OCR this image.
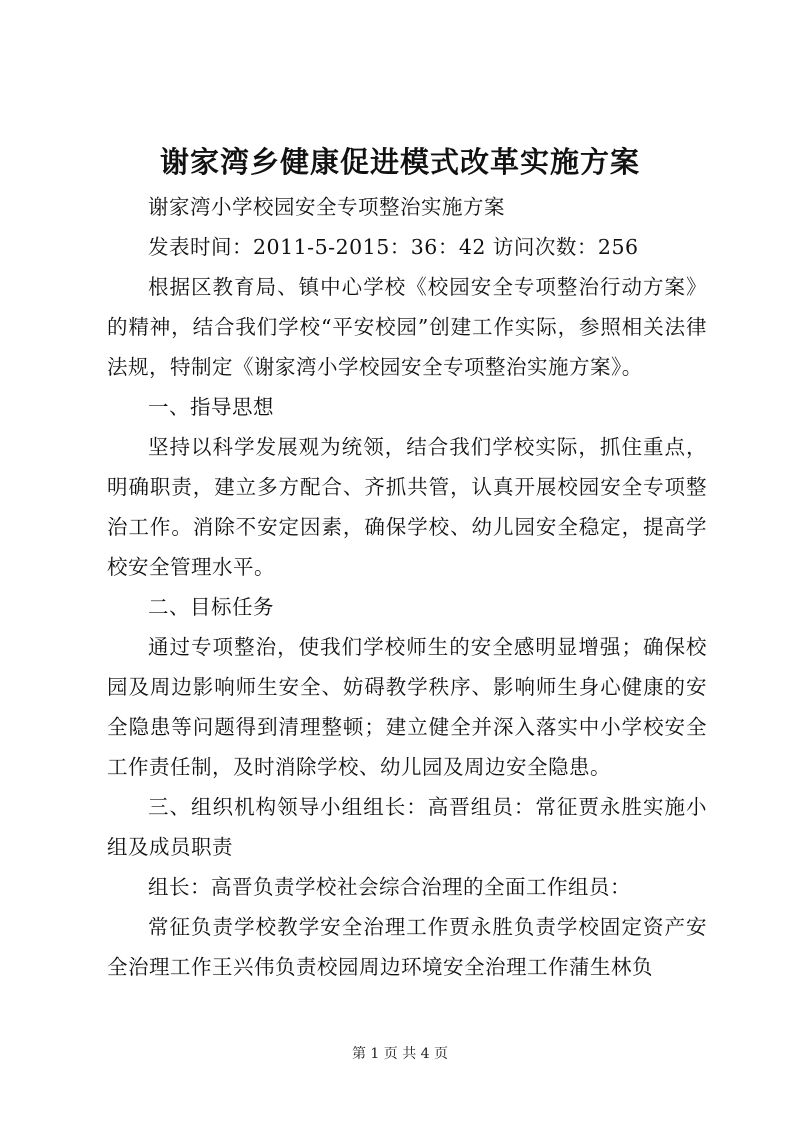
谢家湾乡健康促进模式改革实施方案

谢家湾小学校园安全专项整治实施方案

发表时间：2011-5-2015：36：42 访问次数：256

根据区教育局、镇中心学校《校园安全专项整治行动方案》的精神，结合我们学校“平安校园”创建工作实际，参照相关法律法规，特制定《谢家湾小学校园安全专项整治实施方案》。

一、指导思想

坚持以科学发展观为统领，结合我们学校实际，抓住重点，明确职责，建立多方配合、齐抓共管，认真开展校园安全专项整治工作。消除不安定因素，确保学校、幼儿园安全稳定，提高学校安全管理水平。

二、目标任务

通过专项整治，使我们学校师生的安全感明显增强；确保校园及周边影响师生安全、妨碍教学秩序、影响师生身心健康的安全隐患等问题得到清理整顿；建立健全并深入落实中小学校安全工作责任制，及时消除学校、幼儿园及周边安全隐患。

三、组织机构领导小组组长：高晋组员：常征贾永胜实施小组及成员职责

组长：高晋负责学校社会综合治理的全面工作组员：

常征负责学校教学安全治理工作贾永胜负责学校固定资产安全治理工作王兴伟负责校园周边环境安全治理工作蒲生林负

第 1 页 共 4 页
